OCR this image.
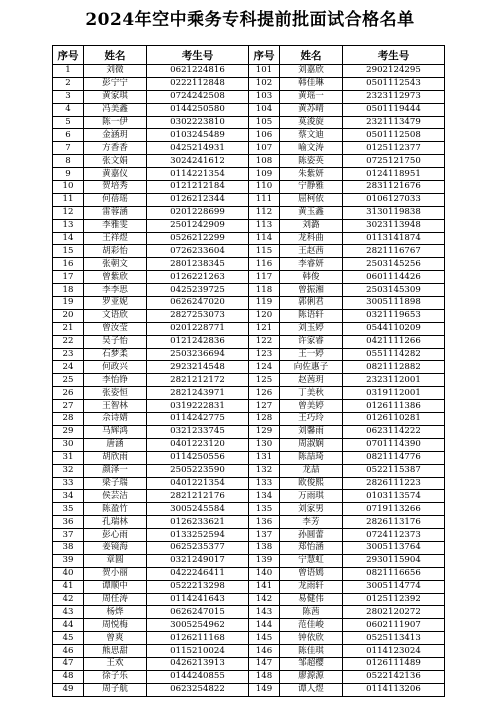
2024年空中乘务专科提前批面试合格名单
序号	姓名	考生号	序号	姓名	考生号
1	刘微	0621224816	101	刘嘉欣	2902124295
2	彭宁宁	0222112848	102	韩佳琳	0501112543
3	黄家琪	0724242508	103	黄瑶一	2323112973
4	冯美鑫	0144250580	104	黄苏晴	0501119444
5	陈一伊	0302223810	105	莫浚旋	2321113479
6	金涵玥	0103245489	106	蔡文迪	0501112508
7	方香香	0425214931	107	喻文涛	0125112377
8	张文娟	3024241612	108	陈姿英	0725121750
9	黄嘉仪	0114221354	109	朱紫妍	0124118951
10	贺培秀	0121212184	110	宁静雅	2831121676
11	何蓓瑶	0126212344	111	屈柯依	0106127033
12	雷蓉涵	0201228699	112	黄玉鑫	3130119838
13	李雅雯	2501242909	113	刘潞	3023113948
14	王祥煜	0526212299	114	龙科曲	0113141874
15	胡彩怡	0726233604	115	王赵茜	2821116767
16	张朝文	2801238345	116	李睿妍	2503145256
17	曾紫欣	0126221263	117	韩俊	0601114426
18	李李思	0425239725	118	曾振湘	2503145309
19	罗亚妮	0626247020	119	郭俐君	3005111898
20	文语欣	2827253073	120	陈语轩	0321119653
21	曾汝莹	0201228771	121	刘玉婷	0544110209
22	吴子怡	0121242836	122	许家睿	0421111266
23	石梦柔	2503236694	123	王一婷	0551114282
24	何政兴	2923214548	124	向佐惠子	0821112882
25	李怡铮	2821212172	125	赵茜玥	2323112001
26	张姿恒	2821243971	126	丁美秋	0319112001
27	王智林	0319222831	127	曾美婷	0126111386
28	佘诗婧	0114242775	128	王巧玲	0126110281
29	马辉鸿	0321233745	129	刘馨雨	0623114222
30	唐涵	0401223120	130	周淑娴	0701114390
31	胡欣雨	0114250556	131	陈喆琦	0821114776
32	颜泽一	2505223590	132	龙喆	0522115387
33	梁子瑞	0401221354	133	欧俊熙	2826111223
34	侯芸洁	2821212176	134	万雨琪	0103113574
35	陈盈竹	3005245584	135	刘家男	0719113266
36	孔瑞林	0126233621	136	李芳	2826113176
37	彭心雨	0133252594	137	孙圆蕾	0724112373
38	姜镜海	0625235377	138	郑怡涵	3005113764
39	章圆	0321249017	139	宁慧虹	2930115904
40	贺小丽	0422246411	140	曾语嫣	0821116656
41	谭顺中	0522213298	141	龙雨轩	3005114774
42	周任涛	0114241643	142	易健伟	0125112392
43	杨烨	0626247015	143	陈茜	2802120272
44	周悦梅	3005254962	144	范佳峻	0602111907
45	曾爽	0126211168	145	钟依欣	0525113413
46	熊思甜	0115210024	146	陈佳琪	0114123024
47	王欢	0426213913	147	邹超樱	0126111489
48	徐子乐	0144240855	148	廖源源	0522142136
49	周子航	0623254822	149	谭人煜	0114113206
